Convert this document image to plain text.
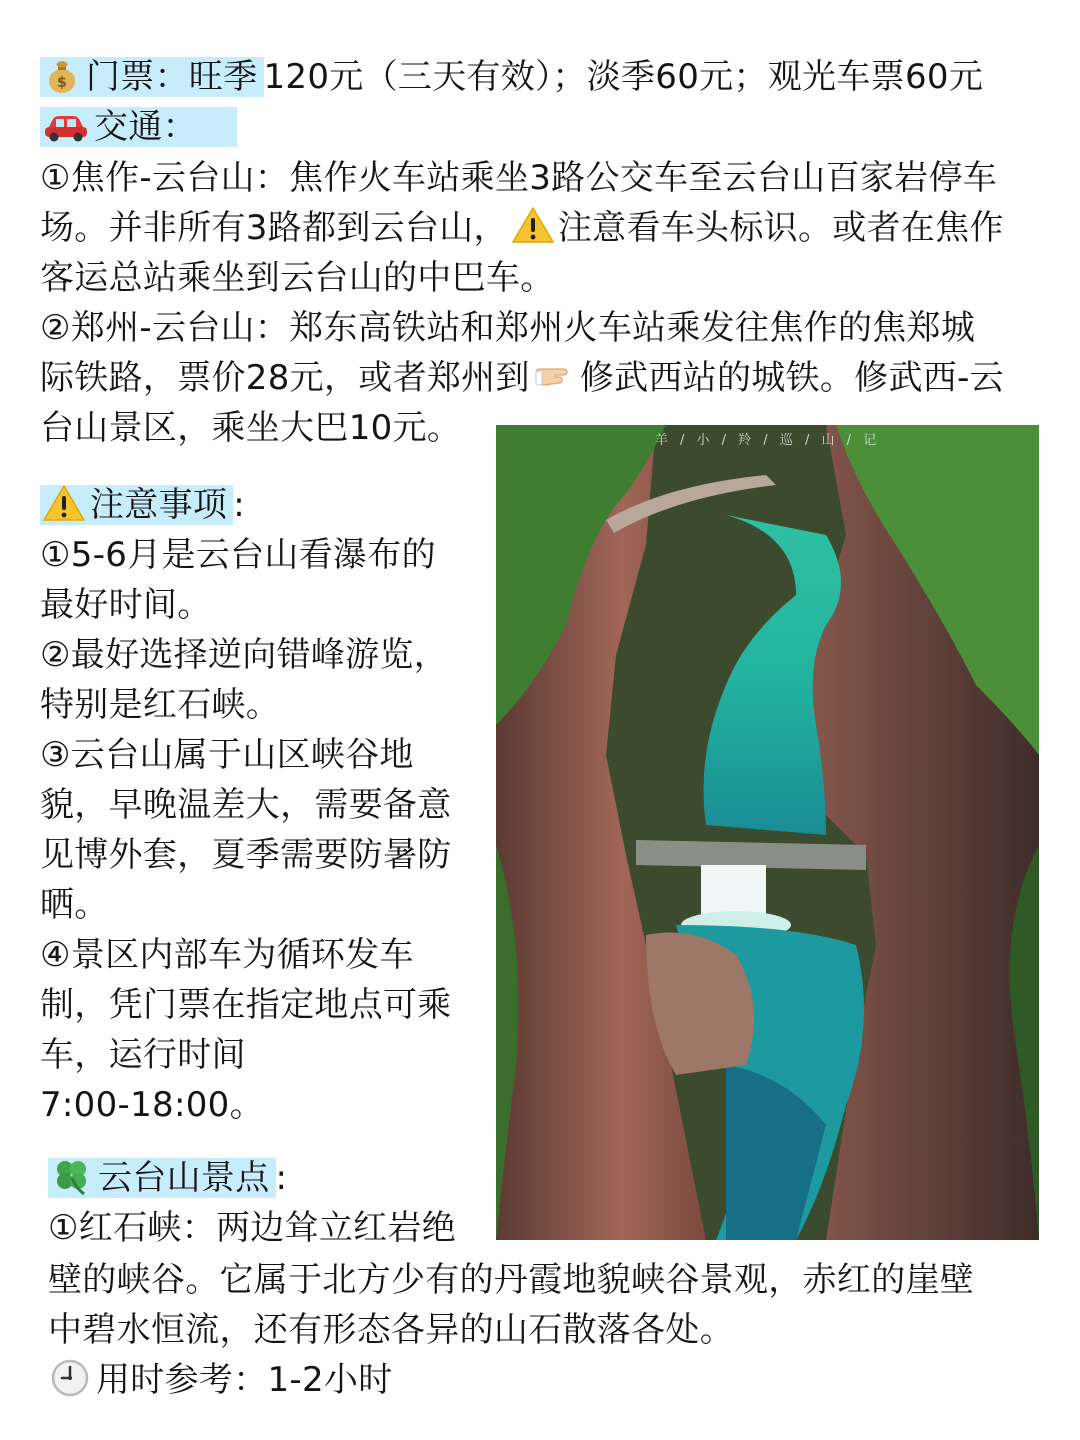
$ 门票：旺季 120元（三天有效）；淡季60元；观光车票60元
交通：
①焦作-云台山：焦作火车站乘坐3路公交车至云台山百家岩停车
场。并非所有3路都到云台山， 注意看车头标识。或者在焦作
客运总站乘坐到云台山的中巴车。
②郑州-云台山：郑东高铁站和郑州火车站乘发往焦作的焦郑城
际铁路，票价28元，或者郑州到 修武西站的城铁。修武西-云
台山景区，乘坐大巴10元。
注意事项 :
①5-6月是云台山看瀑布的
最好时间。
②最好选择逆向错峰游览，
特别是红石峡。
③云台山属于山区峡谷地
貌，早晚温差大，需要备意
见博外套，夏季需要防暑防
晒。
④景区内部车为循环发车
制，凭门票在指定地点可乘
车，运行时间
7:00-18:00。
云台山景点 :
①红石峡：两边耸立红岩绝
壁的峡谷。它属于北方少有的丹霞地貌峡谷景观，赤红的崖壁
中碧水恒流，还有形态各异的山石散落各处。
用时参考：1-2小时
羊 / 小 / 羚 / 巡 / 山 / 记
